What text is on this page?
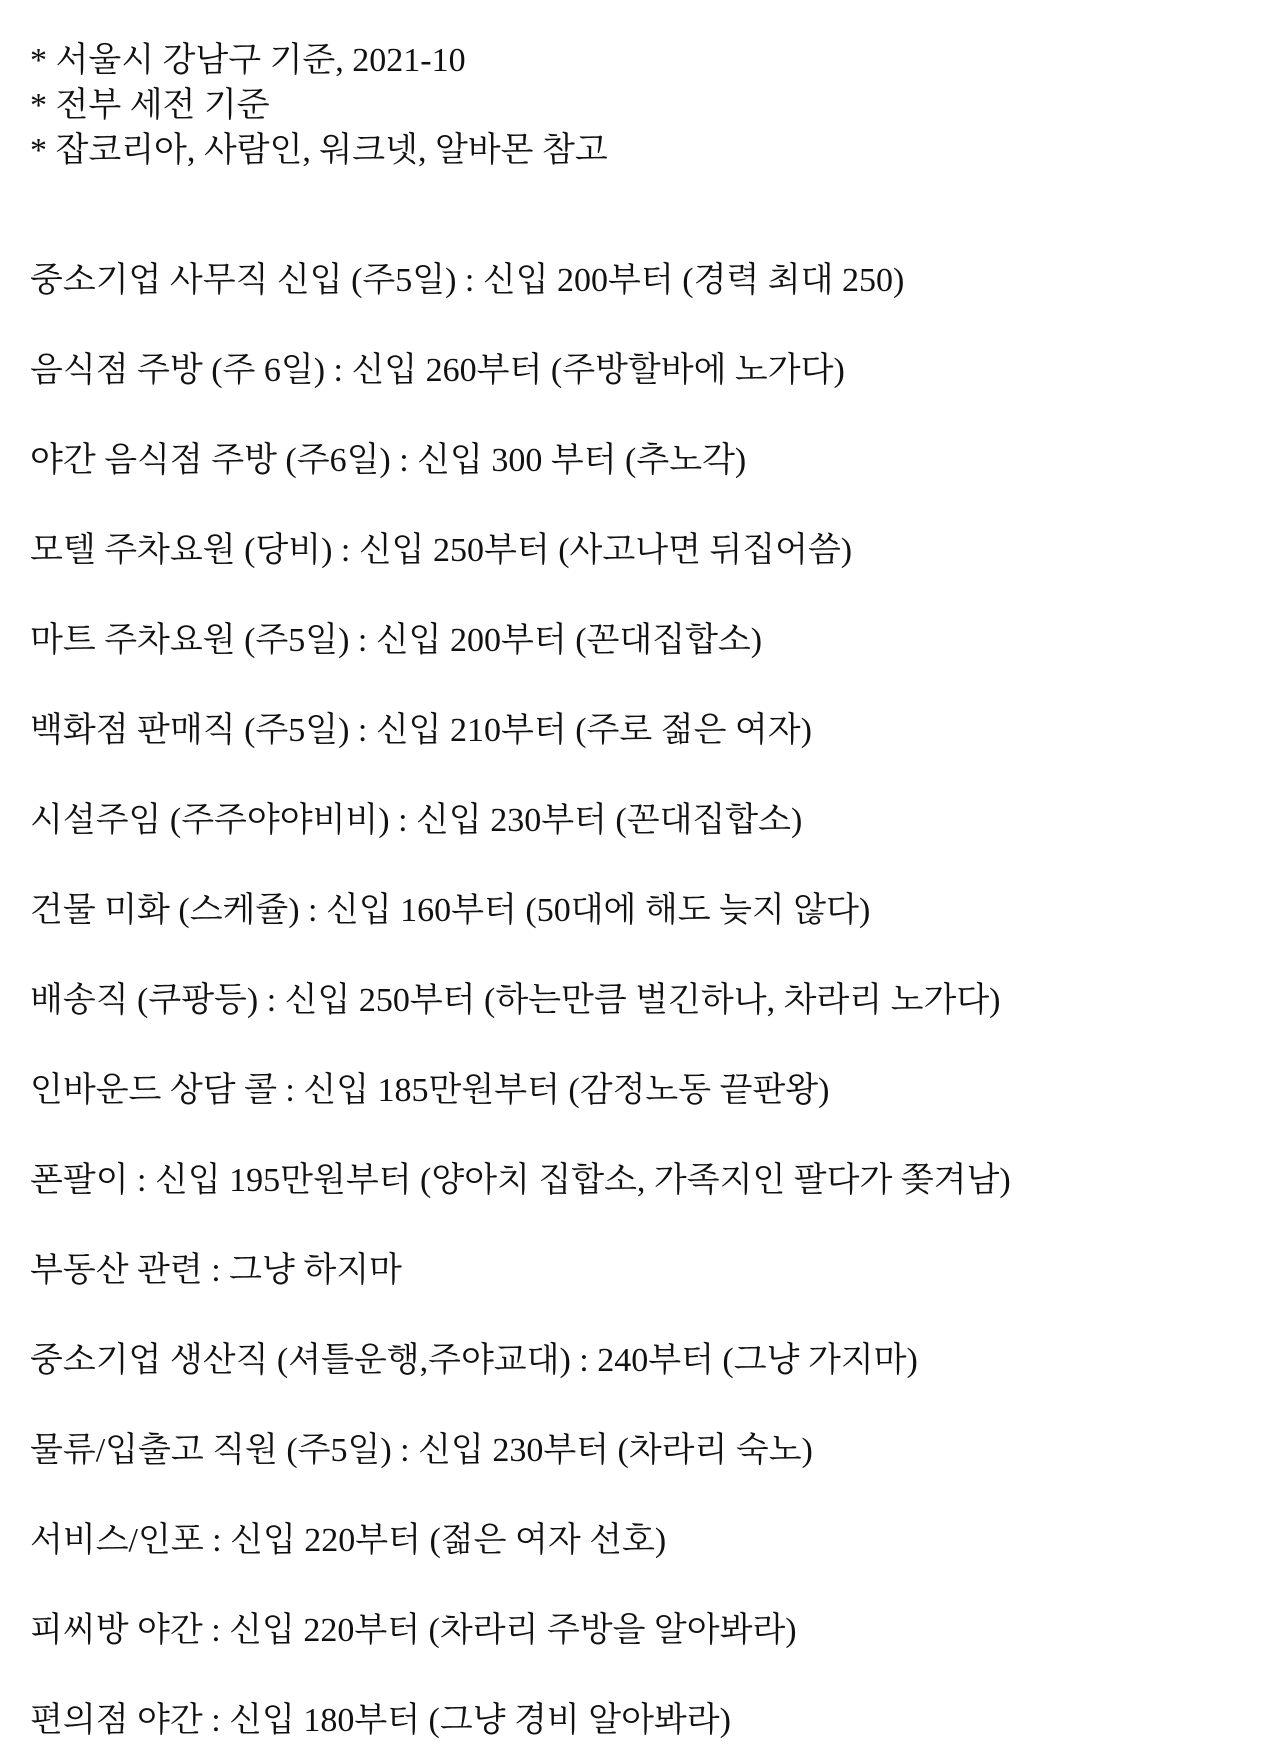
* 서울시 강남구 기준, 2021-10
* 전부 세전 기준
* 잡코리아, 사람인, 워크넷, 알바몬 참고
중소기업 사무직 신입 (주5일) : 신입 200부터 (경력 최대 250)
음식점 주방 (주 6일) : 신입 260부터 (주방할바에 노가다)
야간 음식점 주방 (주6일) : 신입 300 부터 (추노각)
모텔 주차요원 (당비) : 신입 250부터 (사고나면 뒤집어씀)
마트 주차요원 (주5일) : 신입 200부터 (꼰대집합소)
백화점 판매직 (주5일) : 신입 210부터 (주로 젊은 여자)
시설주임 (주주야야비비) : 신입 230부터 (꼰대집합소)
건물 미화 (스케쥴) : 신입 160부터 (50대에 해도 늦지 않다)
배송직 (쿠팡등) : 신입 250부터 (하는만큼 벌긴하나, 차라리 노가다)
인바운드 상담 콜 : 신입 185만원부터 (감정노동 끝판왕)
폰팔이 : 신입 195만원부터 (양아치 집합소, 가족지인 팔다가 쫒겨남)
부동산 관련 : 그냥 하지마
중소기업 생산직 (셔틀운행,주야교대) : 240부터 (그냥 가지마)
물류/입출고 직원 (주5일) : 신입 230부터 (차라리 숙노)
서비스/인포 : 신입 220부터 (젊은 여자 선호)
피씨방 야간 : 신입 220부터 (차라리 주방을 알아봐라)
편의점 야간 : 신입 180부터 (그냥 경비 알아봐라)
